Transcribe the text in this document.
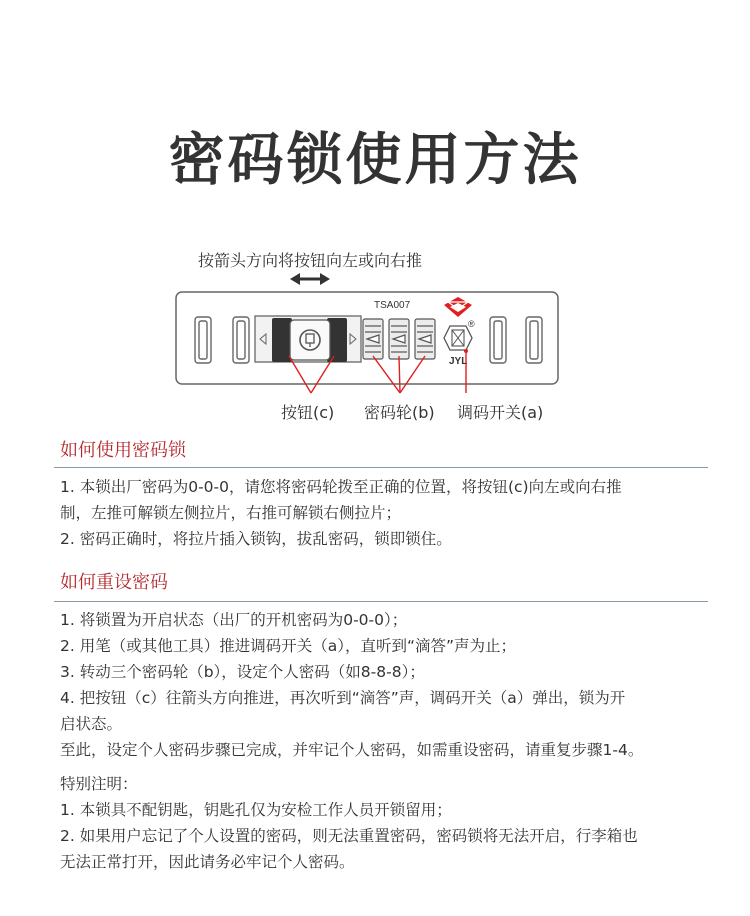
密码锁使用方法
按箭头方向将按钮向左或向右推
TSA007
®
JYL
按钮(c) 密码轮(b) 调码开关(a)
如何使用密码锁

1. 本锁出厂密码为0-0-0，请您将密码轮拨至正确的位置，将按钮(c)向左或向右推

制，左推可解锁左侧拉片，右推可解锁右侧拉片；

2. 密码正确时，将拉片插入锁钩，拔乱密码，锁即锁住。

如何重设密码

1. 将锁置为开启状态（出厂的开机密码为0-0-0）；

2. 用笔（或其他工具）推进调码开关（a），直听到“滴答”声为止；

3. 转动三个密码轮（b），设定个人密码（如8-8-8）；

4. 把按钮（c）往箭头方向推进，再次听到“滴答”声，调码开关（a）弹出，锁为开

启状态。

至此，设定个人密码步骤已完成，并牢记个人密码，如需重设密码，请重复步骤1-4。

特别注明：

1. 本锁具不配钥匙，钥匙孔仅为安检工作人员开锁留用；

2. 如果用户忘记了个人设置的密码，则无法重置密码，密码锁将无法开启，行李箱也

无法正常打开，因此请务必牢记个人密码。
